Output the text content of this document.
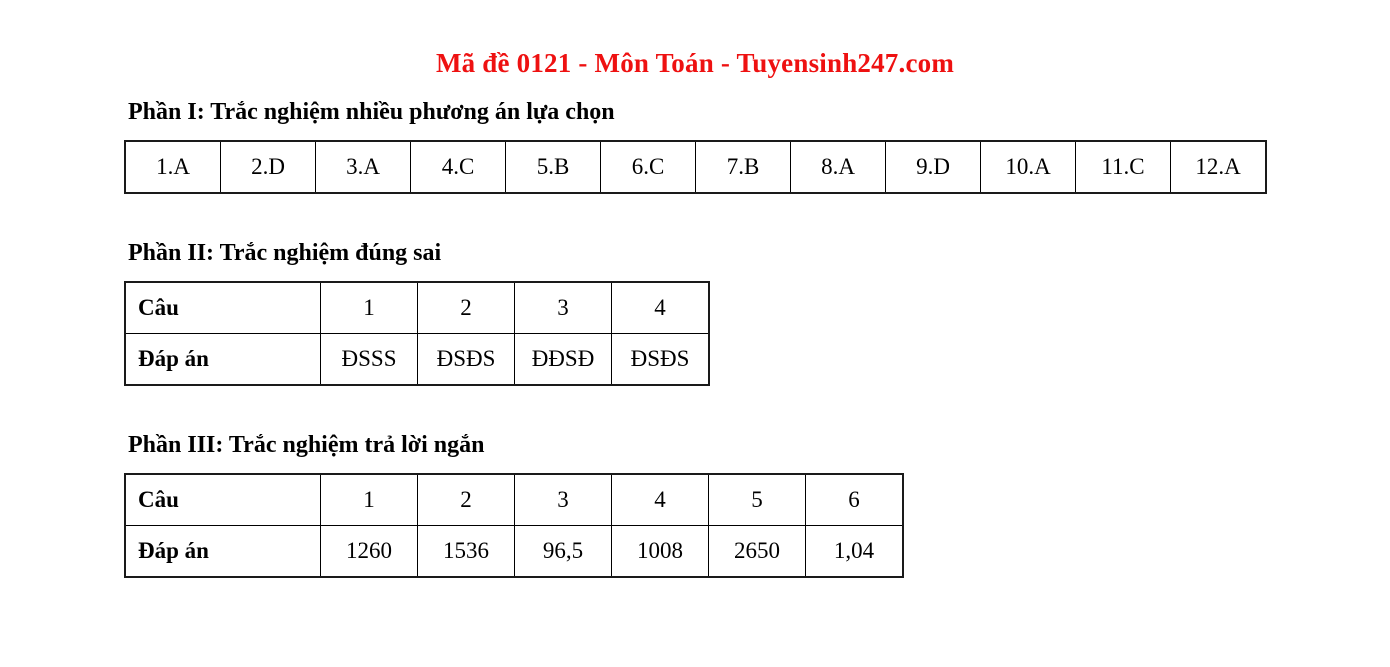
Mã đề 0121 - Môn Toán - Tuyensinh247.com
Phần I: Trắc nghiệm nhiều phương án lựa chọn
1.A	2.D	3.A	4.C	5.B	6.C	7.B	8.A	9.D	10.A	11.C	12.A
Phần II: Trắc nghiệm đúng sai
Câu	1	2	3	4
Đáp án	ĐSSS	ĐSĐS	ĐĐSĐ	ĐSĐS
Phần III: Trắc nghiệm trả lời ngắn
Câu	1	2	3	4	5	6
Đáp án	1260	1536	96,5	1008	2650	1,04
